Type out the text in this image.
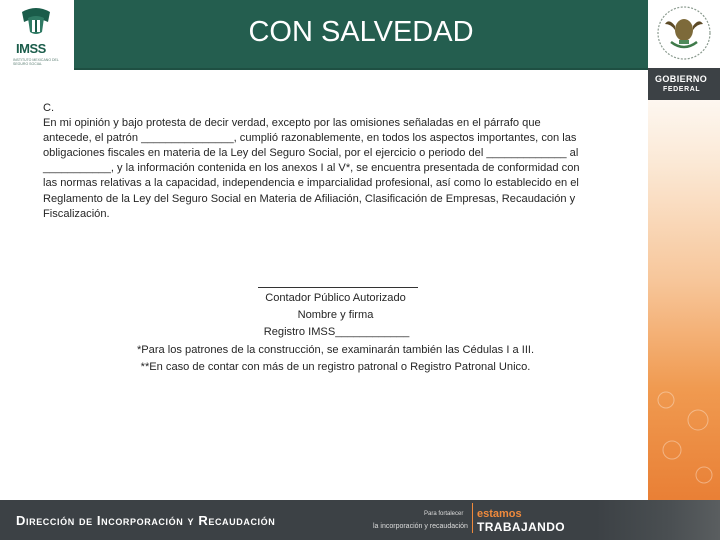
IMSS
INSTITUTO MEXICANO DEL SEGURO SOCIAL
CON SALVEDAD
GOBIERNO
FEDERAL
C.
En mi opinión y bajo protesta de decir verdad, excepto por las omisiones señaladas en el párrafo que
antecede, el patrón _______________, cumplió razonablemente, en todos los aspectos importantes, con las
obligaciones fiscales en materia de la Ley del Seguro Social, por el ejercicio o periodo del _____________ al
___________, y la información contenida en los anexos I al V*, se encuentra presentada de conformidad con
las normas relativas a la capacidad, independencia e imparcialidad profesional, así como lo establecido en el
Reglamento de la Ley del Seguro Social en Materia de Afiliación, Clasificación de Empresas, Recaudación y
Fiscalización.
Contador Público Autorizado
Nombre y firma
Registro IMSS____________
*Para los patrones de la construcción, se examinarán también las Cédulas I a III.
**En caso de contar con más de un registro patronal o Registro Patronal Unico.
Dirección de Incorporación y Recaudación	Para fortalecer
la incorporación y recaudación
estamos
TRABAJANDO
